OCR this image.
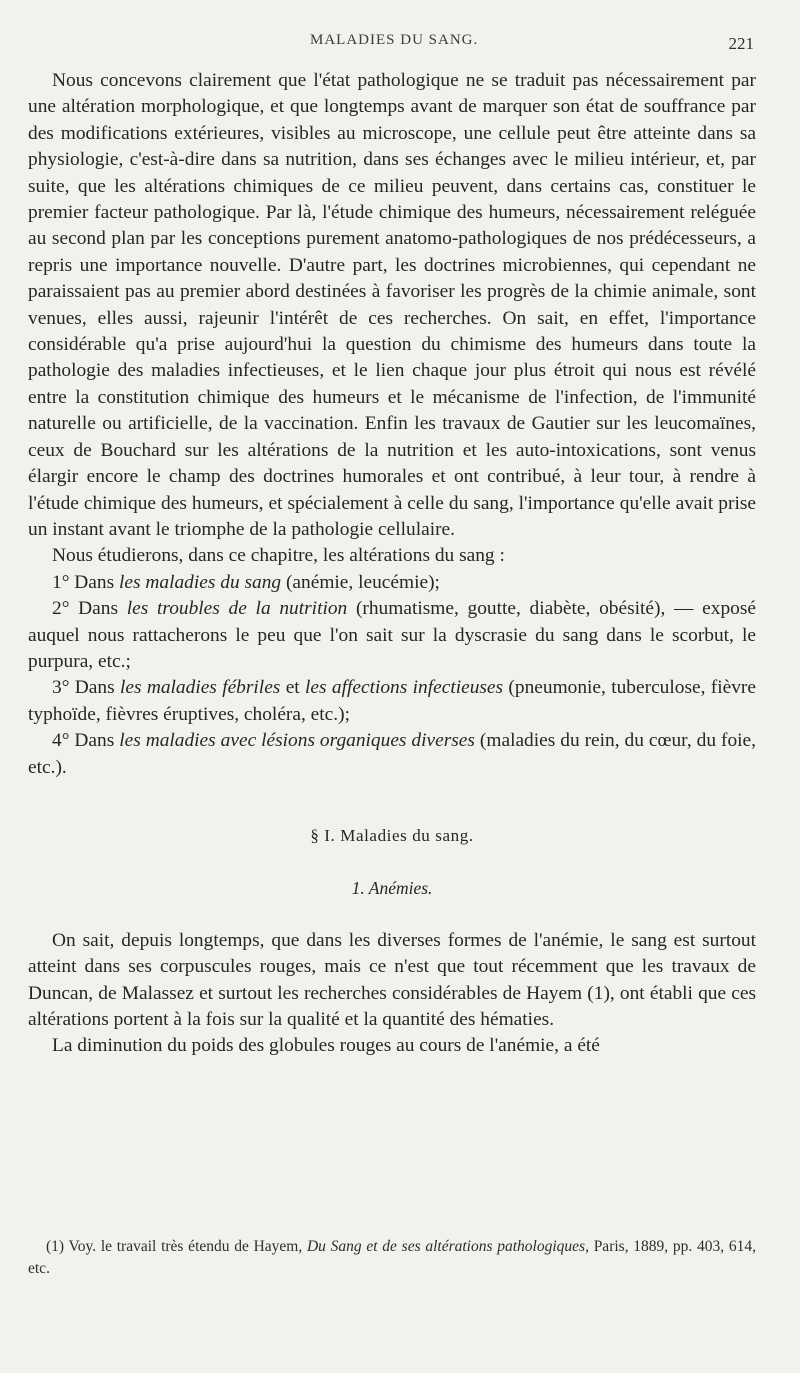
MALADIES DU SANG.	221

Nous concevons clairement que l'état pathologique ne se traduit pas nécessairement par une altération morphologique, et que longtemps avant de marquer son état de souffrance par des modifications extérieures, visibles au microscope, une cellule peut être atteinte dans sa physiologie, c'est-à-dire dans sa nutrition, dans ses échanges avec le milieu intérieur, et, par suite, que les altérations chimiques de ce milieu peuvent, dans certains cas, constituer le premier facteur pathologique. Par là, l'étude chimique des humeurs, nécessairement reléguée au second plan par les conceptions purement anatomo-pathologiques de nos prédécesseurs, a repris une importance nouvelle. D'autre part, les doctrines microbiennes, qui cependant ne paraissaient pas au premier abord destinées à favoriser les progrès de la chimie animale, sont venues, elles aussi, rajeunir l'intérêt de ces recherches. On sait, en effet, l'importance considérable qu'a prise aujourd'hui la question du chimisme des humeurs dans toute la pathologie des maladies infectieuses, et le lien chaque jour plus étroit qui nous est révélé entre la constitution chimique des humeurs et le mécanisme de l'infection, de l'immunité naturelle ou artificielle, de la vaccination. Enfin les travaux de Gautier sur les leucomaïnes, ceux de Bouchard sur les altérations de la nutrition et les auto-intoxications, sont venus élargir encore le champ des doctrines humorales et ont contribué, à leur tour, à rendre à l'étude chimique des humeurs, et spécialement à celle du sang, l'importance qu'elle avait prise un instant avant le triomphe de la pathologie cellulaire.

Nous étudierons, dans ce chapitre, les altérations du sang :

1° Dans les maladies du sang (anémie, leucémie);

2° Dans les troubles de la nutrition (rhumatisme, goutte, diabète, obésité), — exposé auquel nous rattacherons le peu que l'on sait sur la dyscrasie du sang dans le scorbut, le purpura, etc.;

3° Dans les maladies fébriles et les affections infectieuses (pneumonie, tuberculose, fièvre typhoïde, fièvres éruptives, choléra, etc.);

4° Dans les maladies avec lésions organiques diverses (maladies du rein, du cœur, du foie, etc.).

§ I. Maladies du sang.

1. Anémies.

On sait, depuis longtemps, que dans les diverses formes de l'anémie, le sang est surtout atteint dans ses corpuscules rouges, mais ce n'est que tout récemment que les travaux de Duncan, de Malassez et surtout les recherches considérables de Hayem (1), ont établi que ces altérations portent à la fois sur la qualité et la quantité des hématies.

La diminution du poids des globules rouges au cours de l'anémie, a été

(1) Voy. le travail très étendu de Hayem, Du Sang et de ses altérations pathologiques, Paris, 1889, pp. 403, 614, etc.
